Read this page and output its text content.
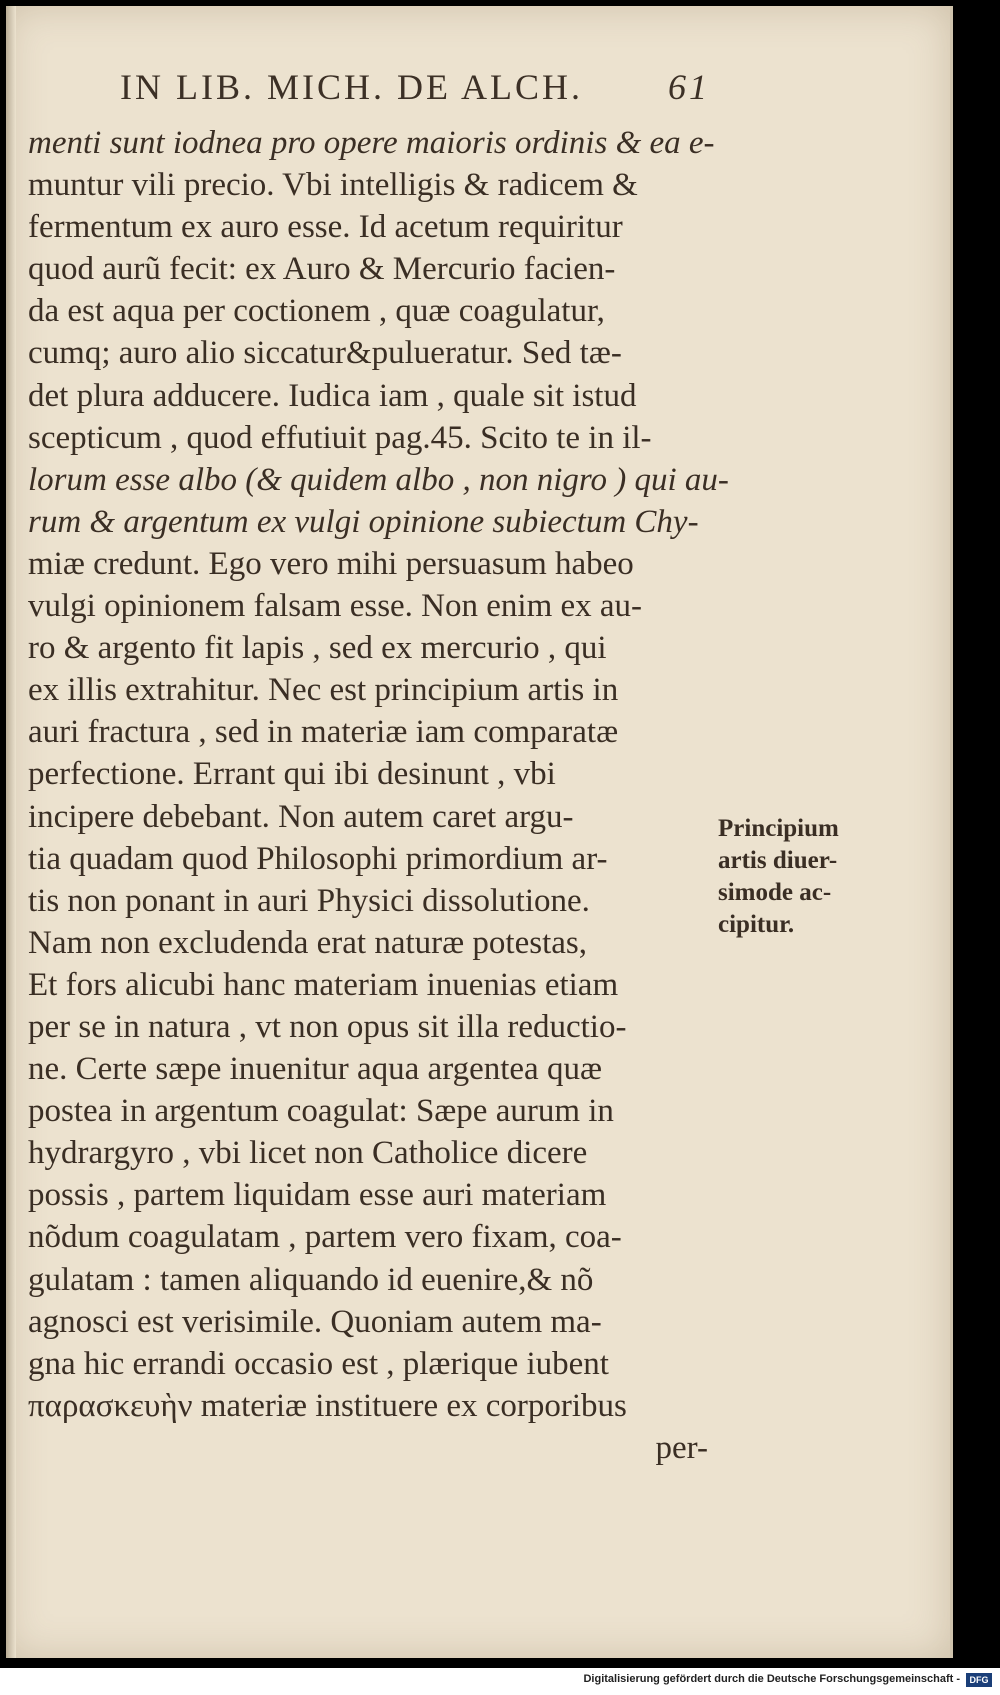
IN LIB. MICH. DE ALCH. 61
menti sunt iodnea pro opere maioris ordinis & ea e-
muntur vili precio. Vbi intelligis & radicem &
fermentum ex auro esse. Id acetum requiritur
quod aurũ fecit: ex Auro & Mercurio facien-
da est aqua per coctionem , quæ coagulatur,
cumq; auro alio siccatur&pulueratur. Sed tæ-
det plura adducere. Iudica iam , quale sit istud
scepticum , quod effutiuit pag.45. Scito te in il-
lorum esse albo (& quidem albo , non nigro ) qui au-
rum & argentum ex vulgi opinione subiectum Chy-
miæ credunt. Ego vero mihi persuasum habeo
vulgi opinionem falsam esse. Non enim ex au-
ro & argento fit lapis , sed ex mercurio , qui
ex illis extrahitur. Nec est principium artis in
auri fractura , sed in materiæ iam comparatæ
perfectione. Errant qui ibi desinunt , vbi
incipere debebant. Non autem caret argu-
tia quadam quod Philosophi primordium ar-
tis non ponant in auri Physici dissolutione.
Nam non excludenda erat naturæ potestas,
Et fors alicubi hanc materiam inuenias etiam
per se in natura , vt non opus sit illa reductio-
ne. Certe sæpe inuenitur aqua argentea quæ
postea in argentum coagulat: Sæpe aurum in
hydrargyro , vbi licet non Catholice dicere
possis , partem liquidam esse auri materiam
nõdum coagulatam , partem vero fixam, coa-
gulatam : tamen aliquando id euenire,& nõ
agnosci est verisimile. Quoniam autem ma-
gna hic errandi occasio est , plærique iubent
παρασκευὴν materiæ instituere ex corporibus
per-
Principium
artis diuer-
simode ac-
cipitur.
Digitalisierung gefördert durch die Deutsche Forschungsgemeinschaft -	DFG
